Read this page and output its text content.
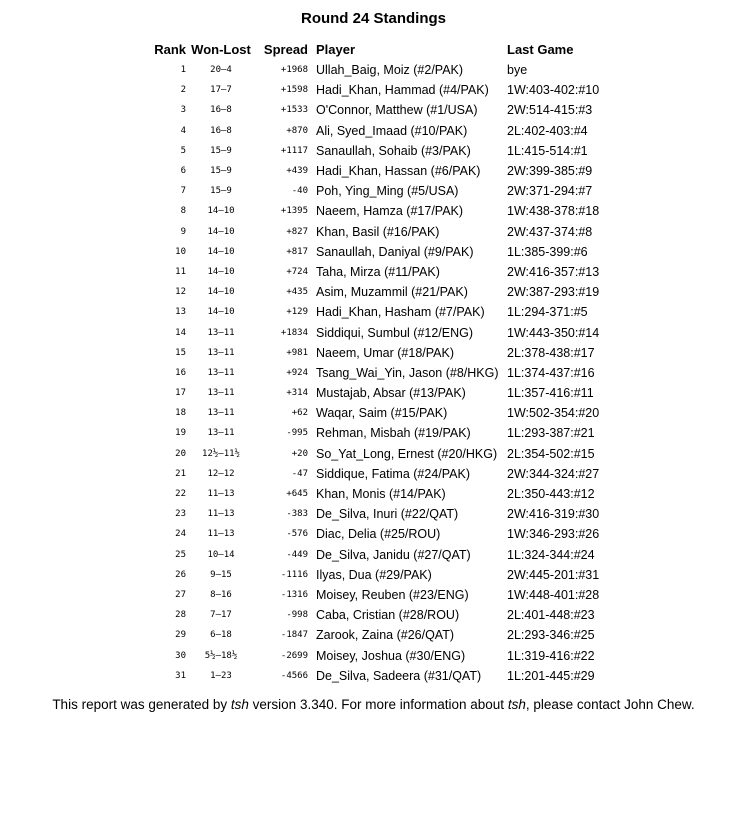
Round 24 Standings
Rank	Won-Lost	Spread	Player	Last Game
1	20–4	+1968	Ullah_Baig, Moiz (#2/PAK)	bye
2	17–7	+1598	Hadi_Khan, Hammad (#4/PAK)	1W:403-402:#10
3	16–8	+1533	O'Connor, Matthew (#1/USA)	2W:514-415:#3
4	16–8	+870	Ali, Syed_Imaad (#10/PAK)	2L:402-403:#4
5	15–9	+1117	Sanaullah, Sohaib (#3/PAK)	1L:415-514:#1
6	15–9	+439	Hadi_Khan, Hassan (#6/PAK)	2W:399-385:#9
7	15–9	-40	Poh, Ying_Ming (#5/USA)	2W:371-294:#7
8	14–10	+1395	Naeem, Hamza (#17/PAK)	1W:438-378:#18
9	14–10	+827	Khan, Basil (#16/PAK)	2W:437-374:#8
10	14–10	+817	Sanaullah, Daniyal (#9/PAK)	1L:385-399:#6
11	14–10	+724	Taha, Mirza (#11/PAK)	2W:416-357:#13
12	14–10	+435	Asim, Muzammil (#21/PAK)	2W:387-293:#19
13	14–10	+129	Hadi_Khan, Hasham (#7/PAK)	1L:294-371:#5
14	13–11	+1834	Siddiqui, Sumbul (#12/ENG)	1W:443-350:#14
15	13–11	+981	Naeem, Umar (#18/PAK)	2L:378-438:#17
16	13–11	+924	Tsang_Wai_Yin, Jason (#8/HKG)	1L:374-437:#16
17	13–11	+314	Mustajab, Absar (#13/PAK)	1L:357-416:#11
18	13–11	+62	Waqar, Saim (#15/PAK)	1W:502-354:#20
19	13–11	-995	Rehman, Misbah (#19/PAK)	1L:293-387:#21
20	12½–11½	+20	So_Yat_Long, Ernest (#20/HKG)	2L:354-502:#15
21	12–12	-47	Siddique, Fatima (#24/PAK)	2W:344-324:#27
22	11–13	+645	Khan, Monis (#14/PAK)	2L:350-443:#12
23	11–13	-383	De_Silva, Inuri (#22/QAT)	2W:416-319:#30
24	11–13	-576	Diac, Delia (#25/ROU)	1W:346-293:#26
25	10–14	-449	De_Silva, Janidu (#27/QAT)	1L:324-344:#24
26	9–15	-1116	Ilyas, Dua (#29/PAK)	2W:445-201:#31
27	8–16	-1316	Moisey, Reuben (#23/ENG)	1W:448-401:#28
28	7–17	-998	Caba, Cristian (#28/ROU)	2L:401-448:#23
29	6–18	-1847	Zarook, Zaina (#26/QAT)	2L:293-346:#25
30	5½–18½	-2699	Moisey, Joshua (#30/ENG)	1L:319-416:#22
31	1–23	-4566	De_Silva, Sadeera (#31/QAT)	1L:201-445:#29
This report was generated by tsh version 3.340. For more information about tsh, please contact John Chew.
